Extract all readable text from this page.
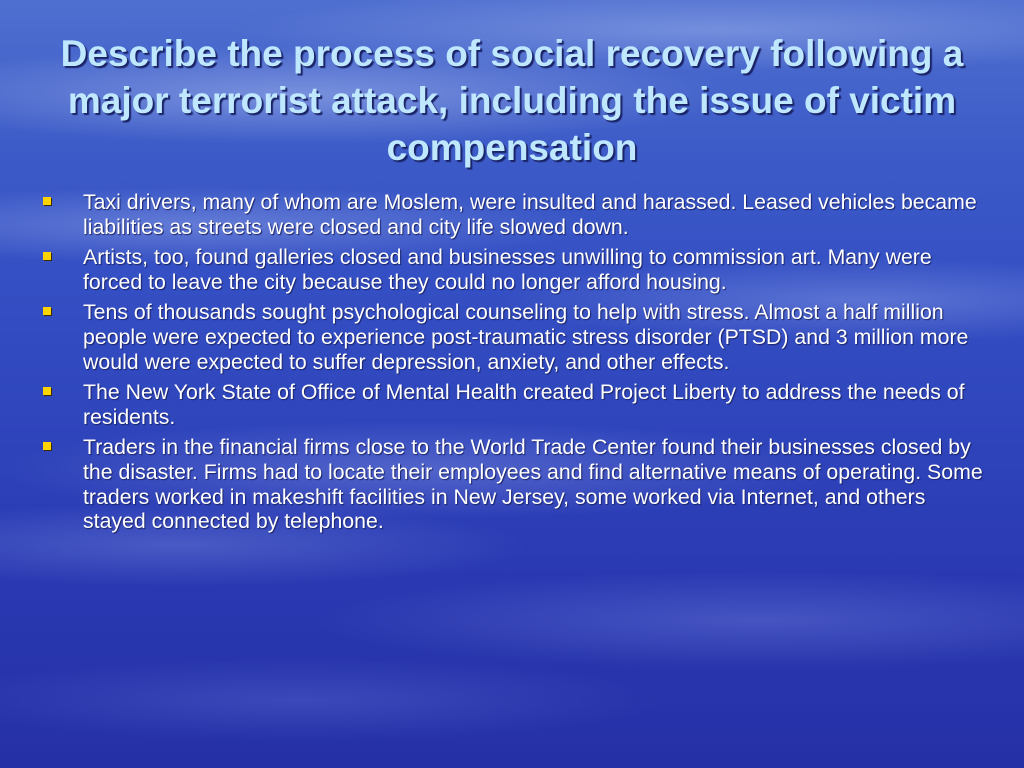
Describe the process of social recovery following a major terrorist attack, including the issue of victim compensation
Taxi drivers, many of whom are Moslem, were insulted and harassed. Leased vehicles became liabilities as streets were closed and city life slowed down.
Artists, too, found galleries closed and businesses unwilling to commission art. Many were forced to leave the city because they could no longer afford housing.
Tens of thousands sought psychological counseling to help with stress. Almost a half million people were expected to experience post-traumatic stress disorder (PTSD) and 3 million more would were expected to suffer depression, anxiety, and other effects.
The New York State of Office of Mental Health created Project Liberty to address the needs of residents.
Traders in the financial firms close to the World Trade Center found their businesses closed by the disaster. Firms had to locate their employees and find alternative means of operating. Some traders worked in makeshift facilities in New Jersey, some worked via Internet, and others stayed connected by telephone.
